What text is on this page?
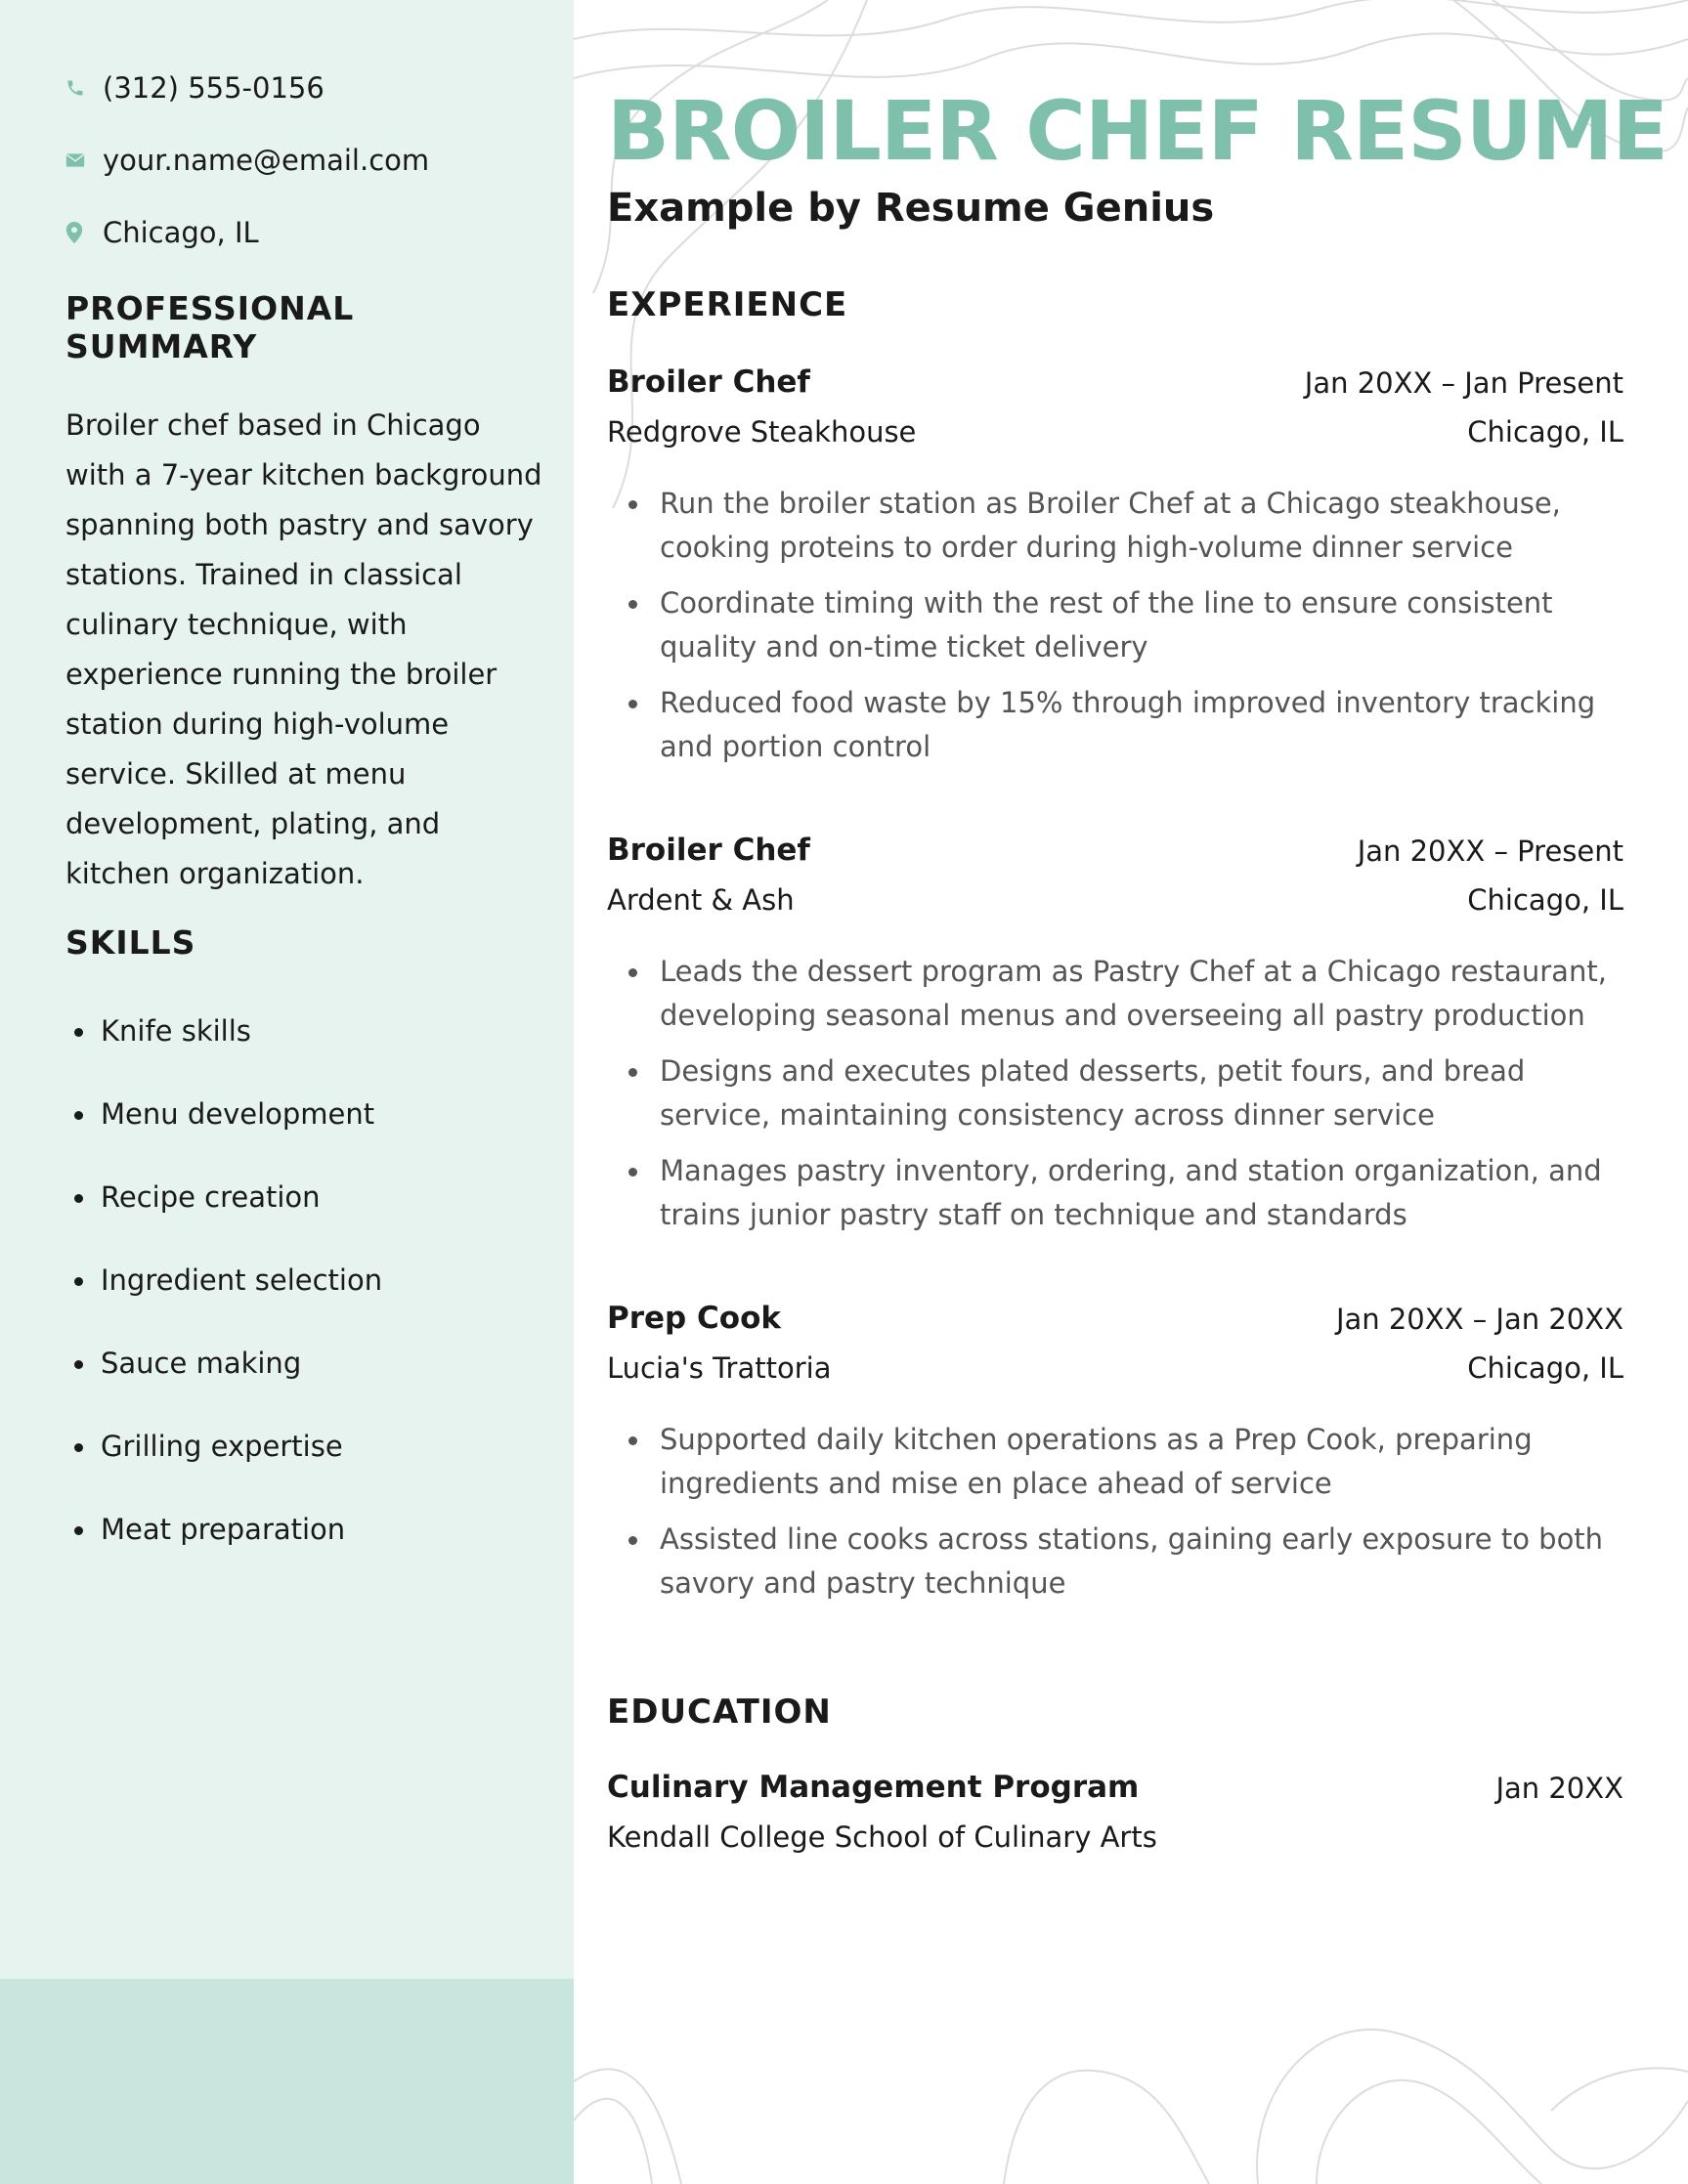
(312) 555-0156
your.name@email.com
Chicago, IL
PROFESSIONAL SUMMARY

Broiler chef based in Chicago with a 7-year kitchen background spanning both pastry and savory stations. Trained in classical culinary technique, with experience running the broiler station during high-volume service. Skilled at menu development, plating, and kitchen organization.

SKILLS
Knife skills
Menu development
Recipe creation
Ingredient selection
Sauce making
Grilling expertise
Meat preparation
BROILER CHEF RESUME
Example by Resume Genius
EXPERIENCE
Broiler Chef	Jan 20XX – Jan Present
Redgrove Steakhouse	Chicago, IL
Run the broiler station as Broiler Chef at a Chicago steakhouse, cooking proteins to order during high-volume dinner service
Coordinate timing with the rest of the line to ensure consistent quality and on-time ticket delivery
Reduced food waste by 15% through improved inventory tracking and portion control
Broiler Chef	Jan 20XX – Present
Ardent & Ash	Chicago, IL
Leads the dessert program as Pastry Chef at a Chicago restaurant, developing seasonal menus and overseeing all pastry production
Designs and executes plated desserts, petit fours, and bread service, maintaining consistency across dinner service
Manages pastry inventory, ordering, and station organization, and trains junior pastry staff on technique and standards
Prep Cook	Jan 20XX – Jan 20XX
Lucia's Trattoria	Chicago, IL
Supported daily kitchen operations as a Prep Cook, preparing ingredients and mise en place ahead of service
Assisted line cooks across stations, gaining early exposure to both savory and pastry technique
EDUCATION
Culinary Management Program	Jan 20XX
Kendall College School of Culinary Arts
